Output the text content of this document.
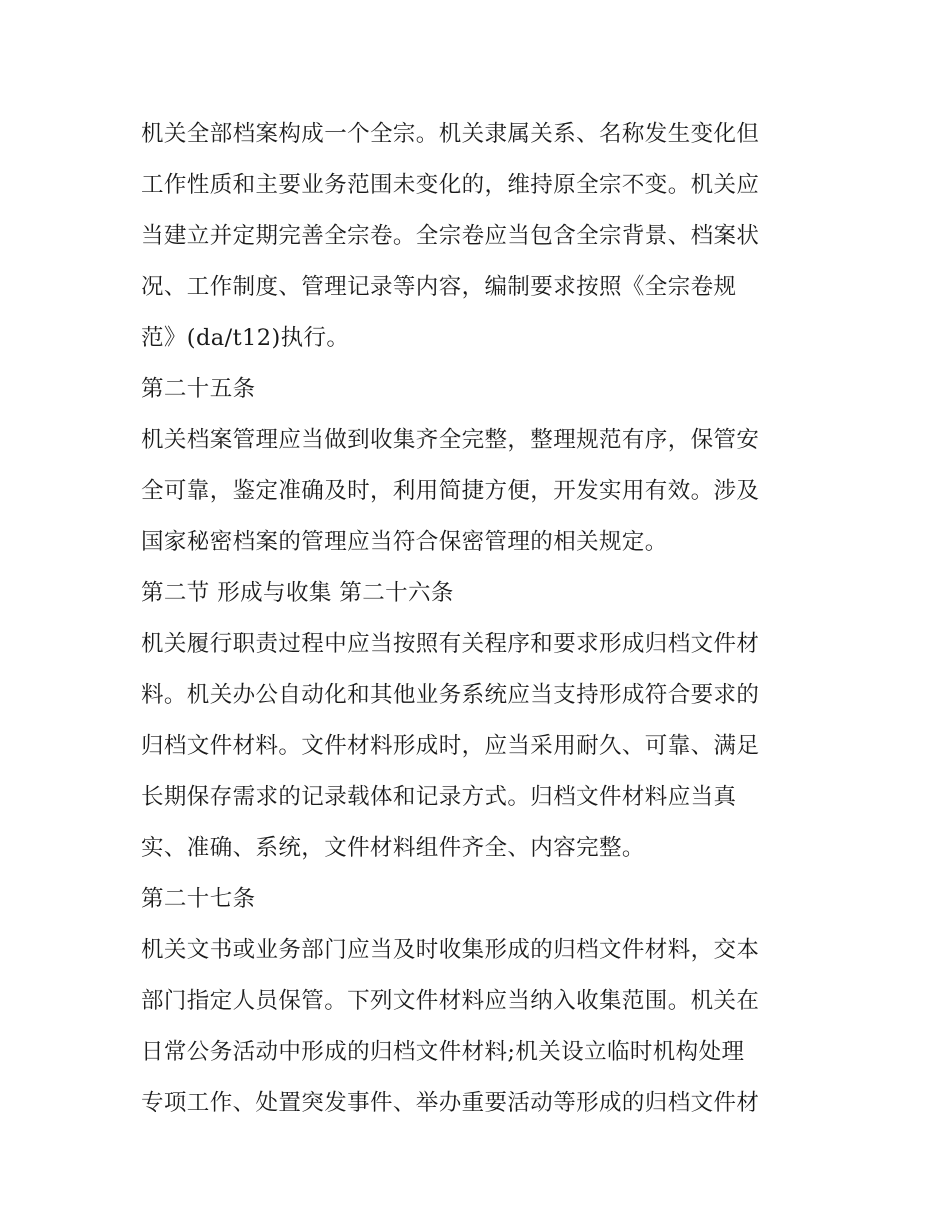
机关全部档案构成一个全宗。机关隶属关系、名称发生变化但
工作性质和主要业务范围未变化的，维持原全宗不变。机关应
当建立并定期完善全宗卷。全宗卷应当包含全宗背景、档案状
况、工作制度、管理记录等内容，编制要求按照《全宗卷规
范》(da/t12)执行。
第二十五条
机关档案管理应当做到收集齐全完整，整理规范有序，保管安
全可靠，鉴定准确及时，利用简捷方便，开发实用有效。涉及
国家秘密档案的管理应当符合保密管理的相关规定。
第二节 形成与收集 第二十六条
机关履行职责过程中应当按照有关程序和要求形成归档文件材
料。机关办公自动化和其他业务系统应当支持形成符合要求的
归档文件材料。文件材料形成时，应当采用耐久、可靠、满足
长期保存需求的记录载体和记录方式。归档文件材料应当真
实、准确、系统，文件材料组件齐全、内容完整。
第二十七条
机关文书或业务部门应当及时收集形成的归档文件材料，交本
部门指定人员保管。下列文件材料应当纳入收集范围。机关在
日常公务活动中形成的归档文件材料;机关设立临时机构处理
专项工作、处置突发事件、举办重要活动等形成的归档文件材
